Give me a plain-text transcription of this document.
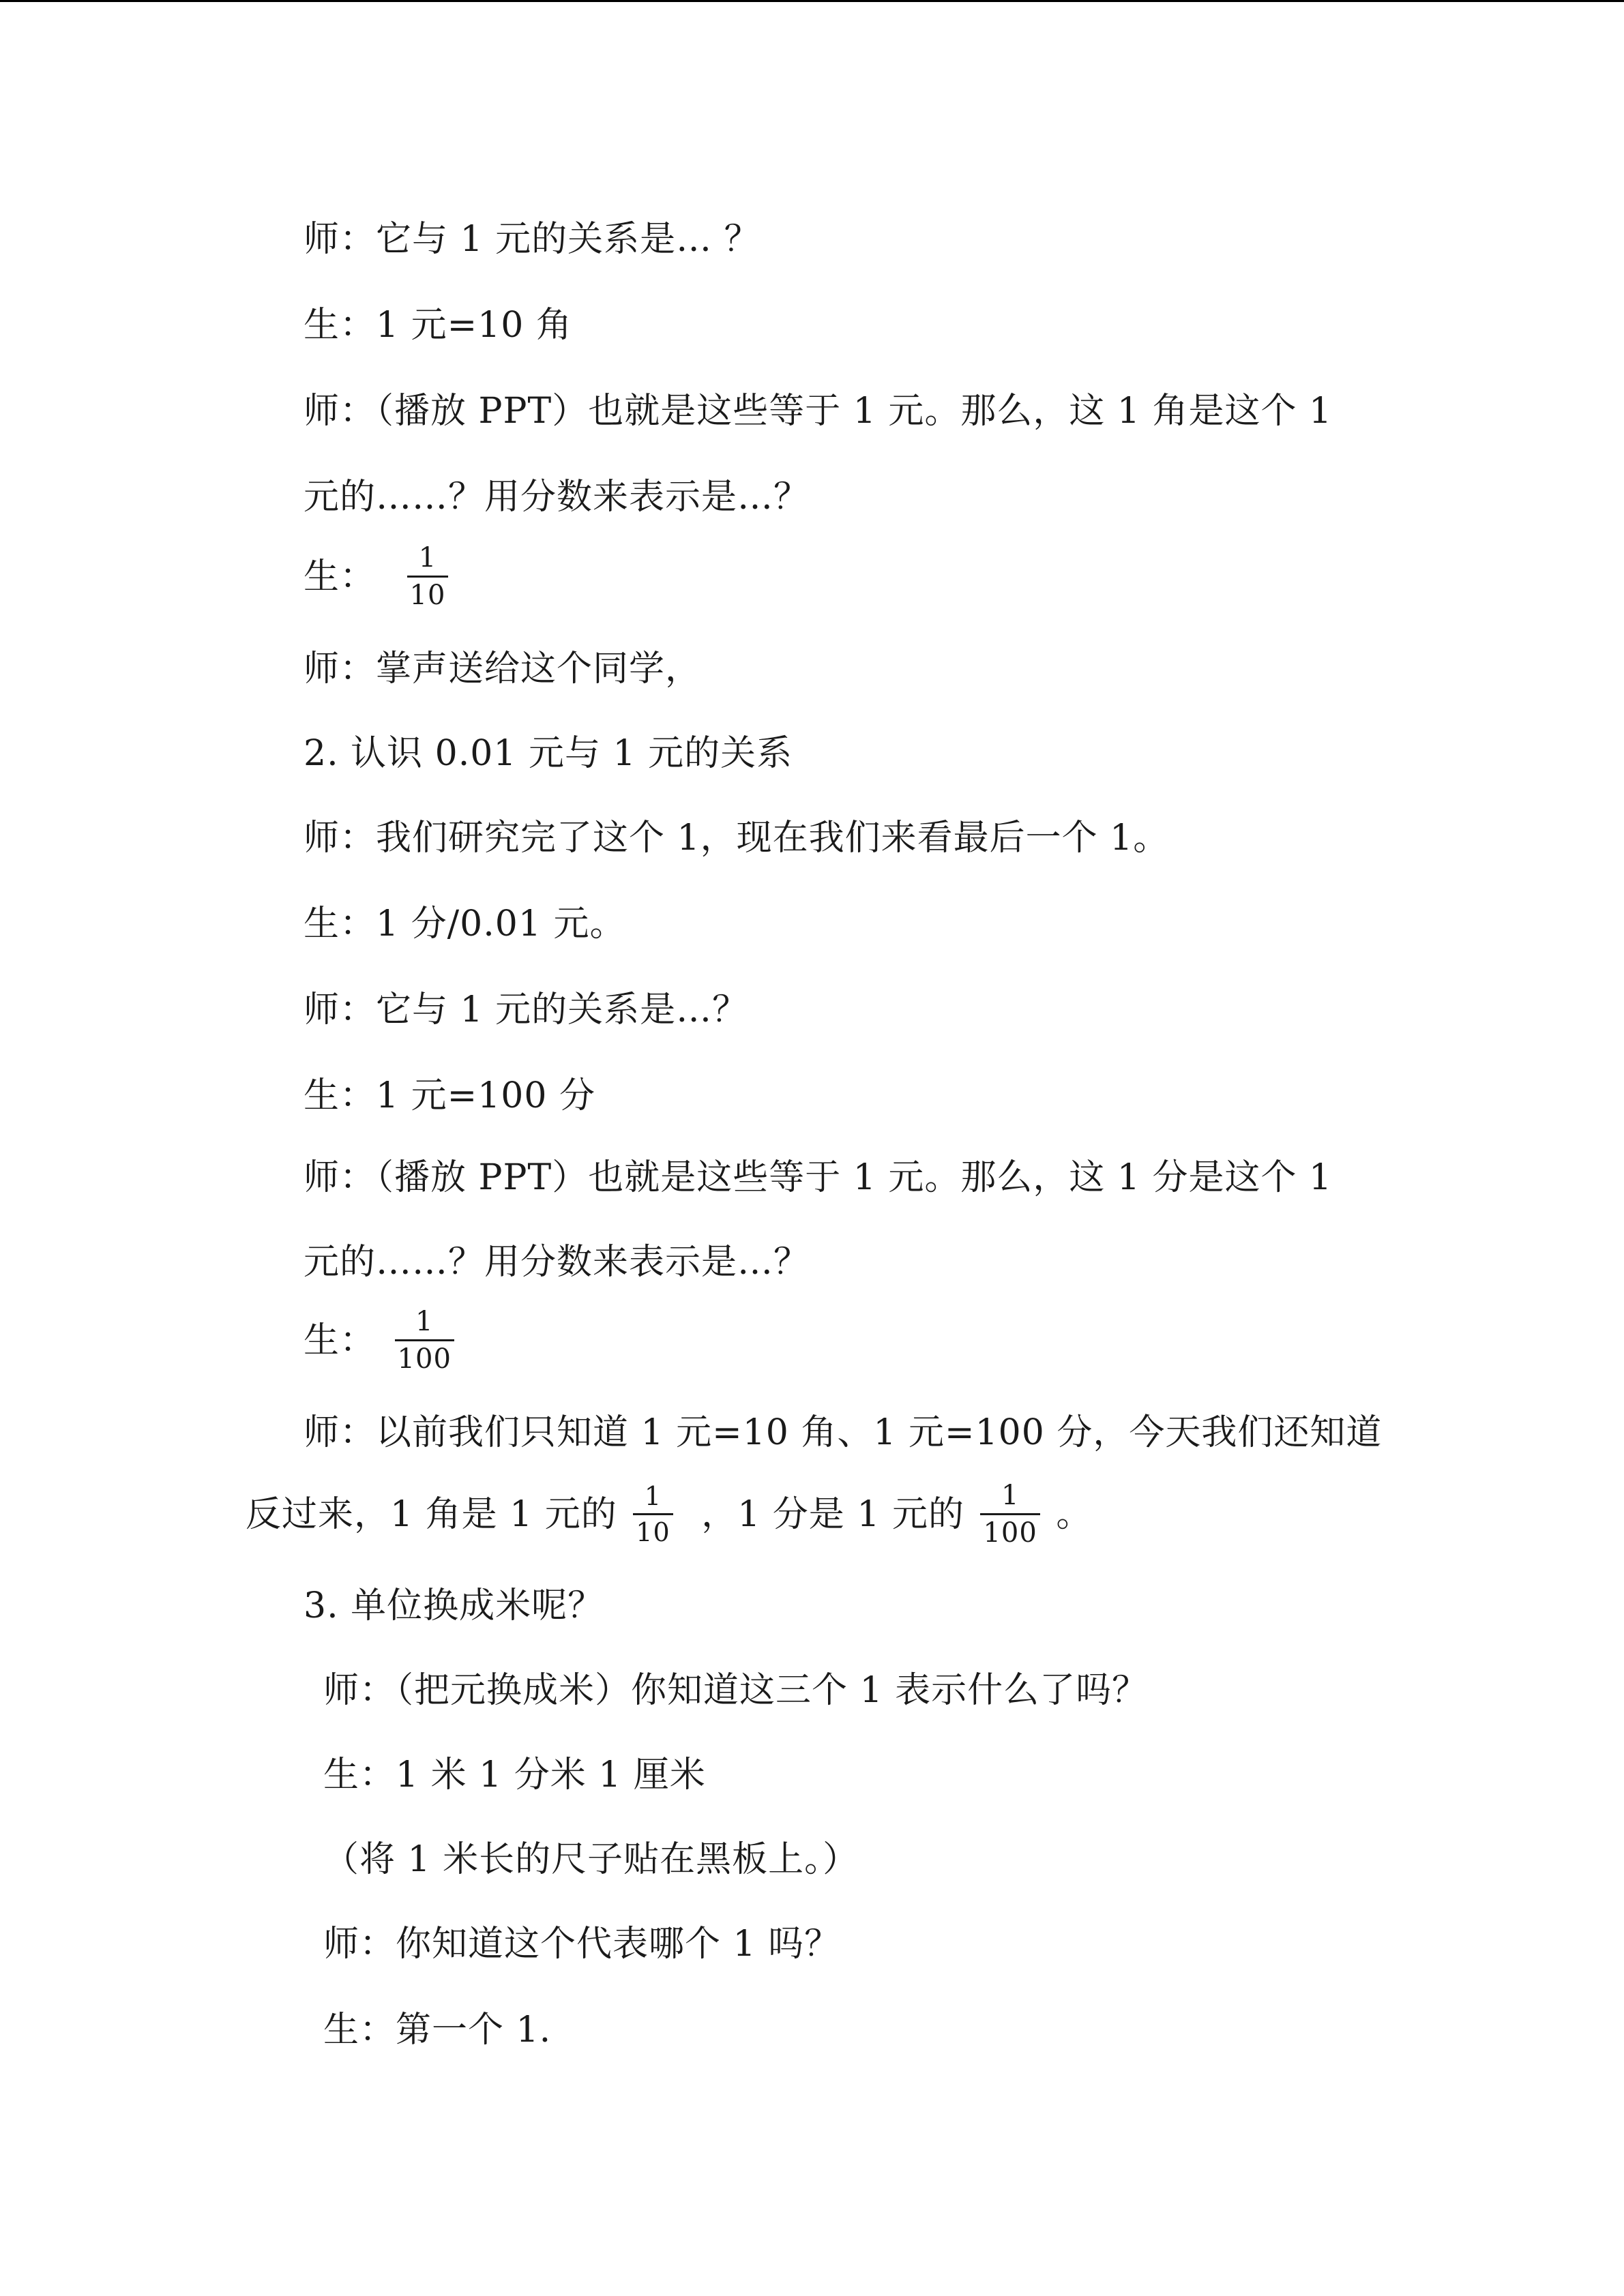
师：它与 1 元的关系是… ？
生：1 元=10 角
师：（播放 PPT）也就是这些等于 1 元。那么，这 1 角是这个 1
元的……？用分数来表示是…？
生： $\frac{1}{10}$
师：掌声送给这个同学，
2. 认识 0.01 元与 1 元的关系
师：我们研究完了这个 1，现在我们来看最后一个 1。
生：1 分/0.01 元。
师：它与 1 元的关系是…？
生：1 元=100 分
师：（播放 PPT）也就是这些等于 1 元。那么，这 1 分是这个 1
元的……？用分数来表示是…？
生： $\frac{1}{100}$
师：以前我们只知道 1 元=10 角、1 元=100 分，今天我们还知道
反过来，1 角是 1 元的 $\frac{1}{10}$ ，1 分是 1 元的 $\frac{1}{100}$ 。
3. 单位换成米呢？
师：（把元换成米）你知道这三个 1 表示什么了吗？
生：1 米 1 分米 1 厘米
（将 1 米长的尺子贴在黑板上。）
师：你知道这个代表哪个 1 吗？
生：第一个 1.
